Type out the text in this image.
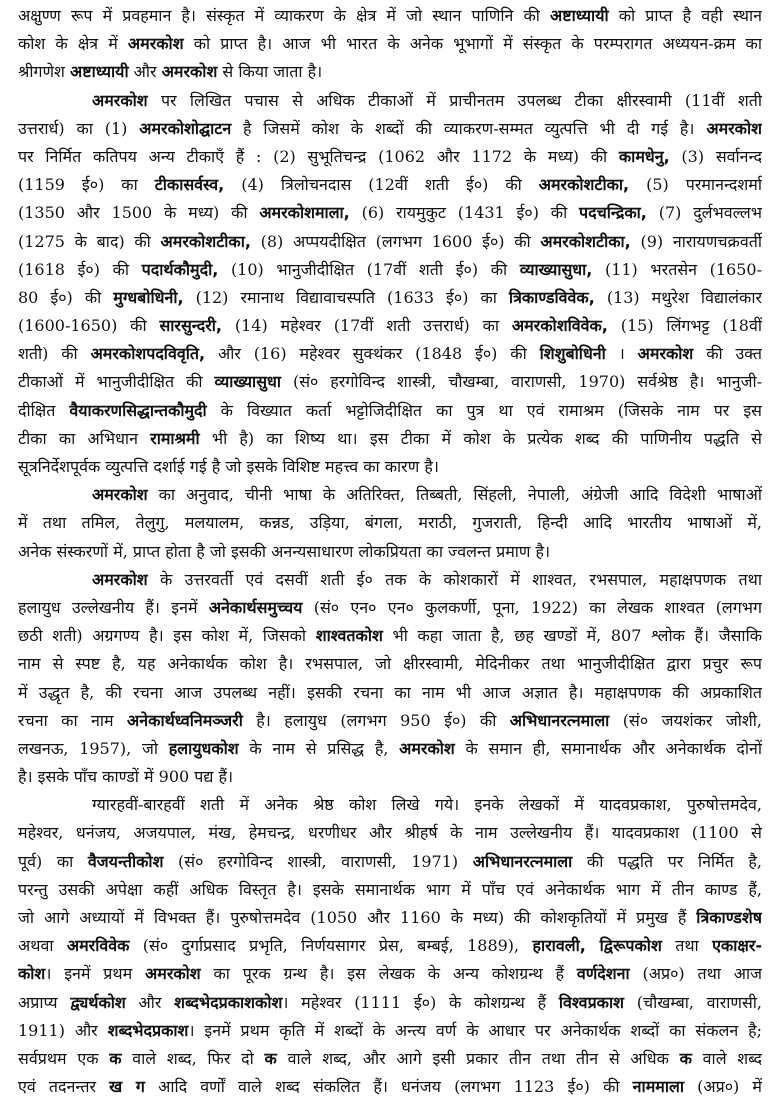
अक्षुण्ण रूप में प्रवहमान है। संस्कृत में व्याकरण के क्षेत्र में जो स्थान पाणिनि की अष्टाध्यायी को प्राप्त है वही स्थान
कोश के क्षेत्र में अमरकोश को प्राप्त है। आज भी भारत के अनेक भूभागों में संस्कृत के परम्परागत अध्ययन-क्रम का
श्रीगणेश अष्टाध्यायी और अमरकोश से किया जाता है।
अमरकोश पर लिखित पचास से अधिक टीकाओं में प्राचीनतम उपलब्ध टीका क्षीरस्वामी (11वीं शती
उत्तरार्ध) का (1) अमरकोशोद्घाटन है जिसमें कोश के शब्दों की व्याकरण-सम्मत व्युत्पत्ति भी दी गई है। अमरकोश
पर निर्मित कतिपय अन्य टीकाएँ हैं : (2) सुभूतिचन्द्र (1062 और 1172 के मध्य) की कामधेनु, (3) सर्वानन्द
(1159 ई०) का टीकासर्वस्व, (4) त्रिलोचनदास (12वीं शती ई०) की अमरकोशटीका, (5) परमानन्दशर्मा
(1350 और 1500 के मध्य) की अमरकोशमाला, (6) रायमुकुट (1431 ई०) की पदचन्द्रिका, (7) दुर्लभवल्लभ
(1275 के बाद) की अमरकोशटीका, (8) अप्पयदीक्षित (लगभग 1600 ई०) की अमरकोशटीका, (9) नारायणचक्रवर्ती
(1618 ई०) की पदार्थकौमुदी, (10) भानुजीदीक्षित (17वीं शती ई०) की व्याख्यासुधा, (11) भरतसेन (1650-
80 ई०) की मुग्धबोधिनी, (12) रमानाथ विद्यावाचस्पति (1633 ई०) का त्रिकाण्डविवेक, (13) मथुरेश विद्यालंकार
(1600-1650) की सारसुन्दरी, (14) महेश्वर (17वीं शती उत्तरार्ध) का अमरकोशविवेक, (15) लिंगभट्ट (18वीं
शती) की अमरकोशपदविवृति, और (16) महेश्वर सुक्थंकर (1848 ई०) की शिशुबोधिनी । अमरकोश की उक्त
टीकाओं में भानुजीदीक्षित की व्याख्यासुधा (सं० हरगोविन्द शास्त्री, चौखम्बा, वाराणसी, 1970) सर्वश्रेष्ठ है। भानुजी-
दीक्षित वैयाकरणसिद्धान्तकौमुदी के विख्यात कर्ता भट्टोजिदीक्षित का पुत्र था एवं रामाश्रम (जिसके नाम पर इस
टीका का अभिधान रामाश्रमी भी है) का शिष्य था। इस टीका में कोश के प्रत्येक शब्द की पाणिनीय पद्धति से
सूत्रनिर्देशपूर्वक व्युत्पत्ति दर्शाई गई है जो इसके विशिष्ट महत्त्व का कारण है।
अमरकोश का अनुवाद, चीनी भाषा के अतिरिक्त, तिब्बती, सिंहली, नेपाली, अंग्रेजी आदि विदेशी भाषाओं
में तथा तमिल, तेलुगु, मलयालम, कन्नड, उड़िया, बंगला, मराठी, गुजराती, हिन्दी आदि भारतीय भाषाओं में,
अनेक संस्करणों में, प्राप्त होता है जो इसकी अनन्यसाधारण लोकप्रियता का ज्वलन्त प्रमाण है।
अमरकोश के उत्तरवर्ती एवं दसवीं शती ई० तक के कोशकारों में शाश्वत, रभसपाल, महाक्षपणक तथा
हलायुध उल्लेखनीय हैं। इनमें अनेकार्थसमुच्चय (सं० एन० एन० कुलकर्णी, पूना, 1922) का लेखक शाश्वत (लगभग
छठी शती) अग्रगण्य है। इस कोश में, जिसको शाश्वतकोश भी कहा जाता है, छह खण्डों में, 807 श्लोक हैं। जैसाकि
नाम से स्पष्ट है, यह अनेकार्थक कोश है। रभसपाल, जो क्षीरस्वामी, मेदिनीकर तथा भानुजीदीक्षित द्वारा प्रचुर रूप
में उद्धृत है, की रचना आज उपलब्ध नहीं। इसकी रचना का नाम भी आज अज्ञात है। महाक्षपणक की अप्रकाशित
रचना का नाम अनेकार्थध्वनिमञ्जरी है। हलायुध (लगभग 950 ई०) की अभिधानरत्नमाला (सं० जयशंकर जोशी,
लखनऊ, 1957), जो हलायुधकोश के नाम से प्रसिद्ध है, अमरकोश के समान ही, समानार्थक और अनेकार्थक दोनों
है। इसके पाँच काण्डों में 900 पद्य हैं।
ग्यारहवीं-बारहवीं शती में अनेक श्रेष्ठ कोश लिखे गये। इनके लेखकों में यादवप्रकाश, पुरुषोत्तमदेव,
महेश्वर, धनंजय, अजयपाल, मंख, हेमचन्द्र, धरणीधर और श्रीहर्ष के नाम उल्लेखनीय हैं। यादवप्रकाश (1100 से
पूर्व) का वैजयन्तीकोश (सं० हरगोविन्द शास्त्री, वाराणसी, 1971) अभिधानरत्नमाला की पद्धति पर निर्मित है,
परन्तु उसकी अपेक्षा कहीं अधिक विस्तृत है। इसके समानार्थक भाग में पाँच एवं अनेकार्थक भाग में तीन काण्ड हैं,
जो आगे अध्यायों में विभक्त हैं। पुरुषोत्तमदेव (1050 और 1160 के मध्य) की कोशकृतियों में प्रमुख हैं त्रिकाण्डशेष
अथवा अमरविवेक (सं० दुर्गाप्रसाद प्रभृति, निर्णयसागर प्रेस, बम्बई, 1889), हारावली, द्विरूपकोश तथा एकाक्षर-
कोश। इनमें प्रथम अमरकोश का पूरक ग्रन्थ है। इस लेखक के अन्य कोशग्रन्थ हैं वर्णदेशना (अप्र०) तथा आज
अप्राप्य द्व्यर्थकोश और शब्दभेदप्रकाशकोश। महेश्वर (1111 ई०) के कोशग्रन्थ हैं विश्वप्रकाश (चौखम्बा, वाराणसी,
1911) और शब्दभेदप्रकाश। इनमें प्रथम कृति में शब्दों के अन्त्य वर्ण के आधार पर अनेकार्थक शब्दों का संकलन है;
सर्वप्रथम एक क वाले शब्द, फिर दो क वाले शब्द, और आगे इसी प्रकार तीन तथा तीन से अधिक क वाले शब्द
एवं तदनन्तर ख ग आदि वर्णों वाले शब्द संकलित हैं। धनंजय (लगभग 1123 ई०) की नाममाला (अप्र०) में
